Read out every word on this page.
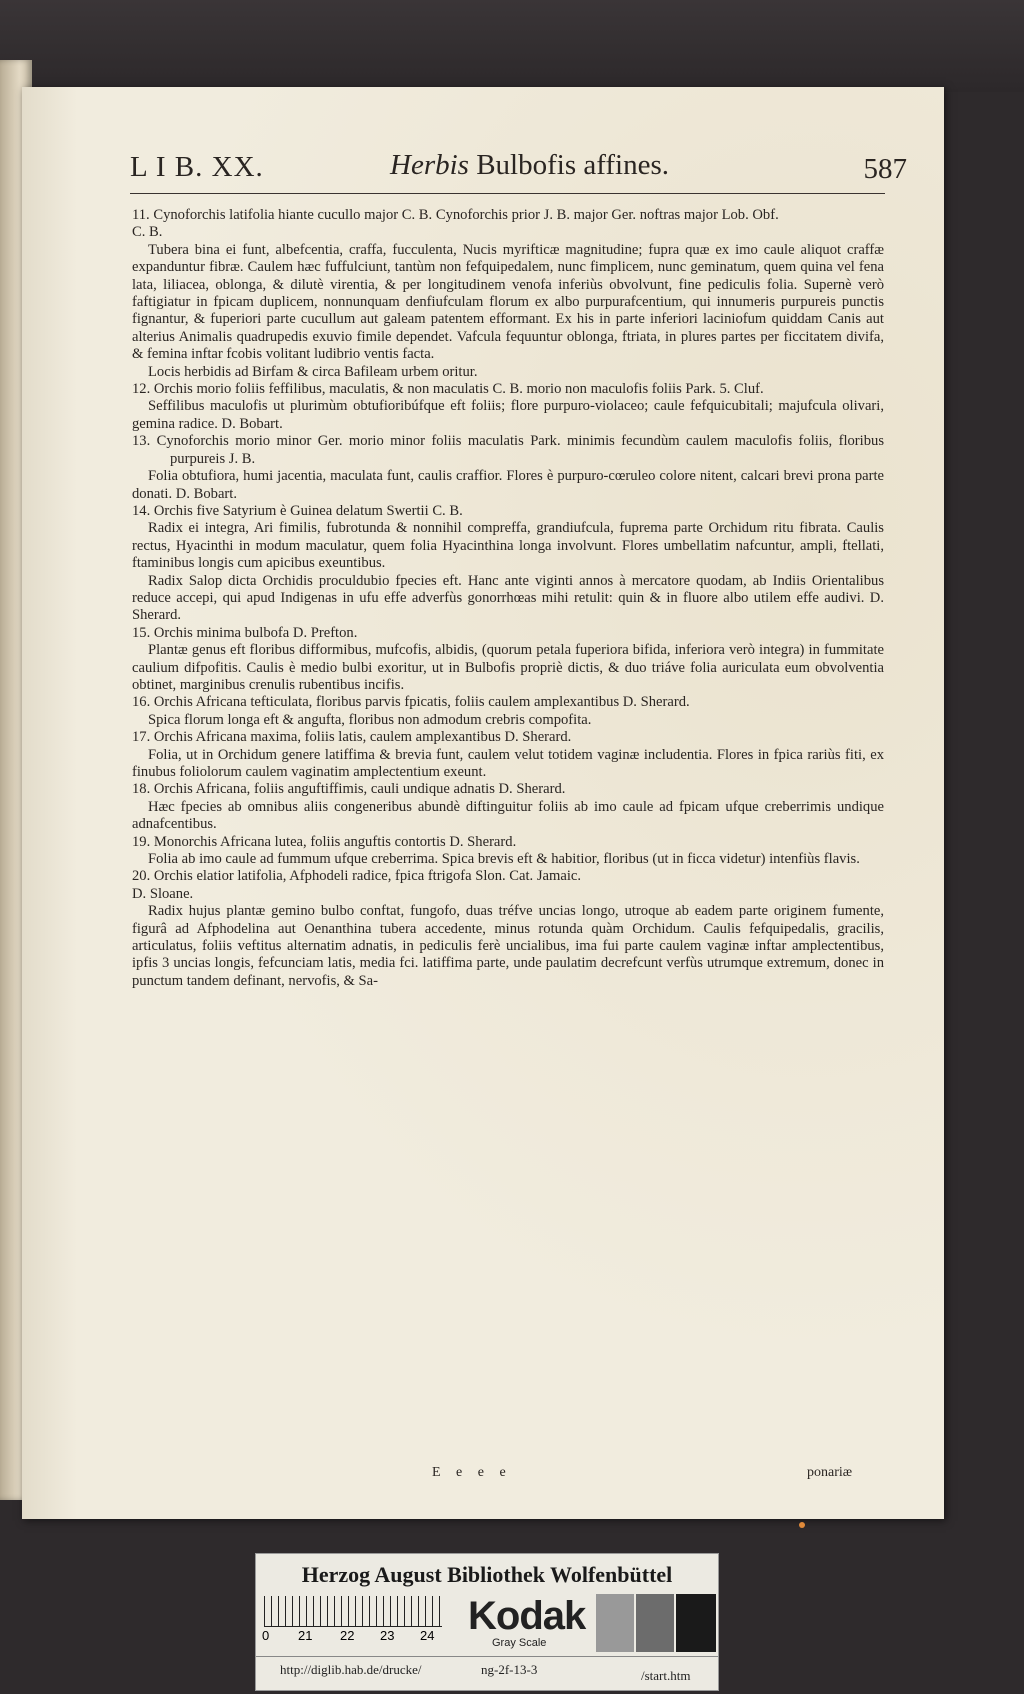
L I B. XX.	Herbis Bulbofis affines.	587

11. Cynoforchis latifolia hiante cucullo major C. B. Cynoforchis prior J. B. major Ger. noftras major Lob. Obf.

C. B.

Tubera bina ei funt, albefcentia, craffa, fucculenta, Nucis myrifticæ magnitudine; fupra quæ ex imo caule aliquot craffæ expanduntur fibræ. Caulem hæc fuffulciunt, tantùm non fefquipedalem, nunc fimplicem, nunc geminatum, quem quina vel fena lata, liliacea, oblonga, & dilutè virentia, & per longitudinem venofa inferiùs obvolvunt, fine pediculis folia. Supernè verò faftigiatur in fpicam duplicem, nonnunquam denfiufculam florum ex albo purpurafcentium, qui innumeris purpureis punctis fignantur, & fuperiori parte cucullum aut galeam patentem efformant. Ex his in parte inferiori laciniofum quiddam Canis aut alterius Animalis quadrupedis exuvio fimile dependet. Vafcula fequuntur oblonga, ftriata, in plures partes per ficcitatem divifa, & femina inftar fcobis volitant ludibrio ventis facta.

Locis herbidis ad Birfam & circa Bafileam urbem oritur.

12. Orchis morio foliis feffilibus, maculatis, & non maculatis C. B. morio non maculofis foliis Park. 5. Cluf.

Seffilibus maculofis ut plurimùm obtufioribúfque eft foliis; flore purpuro-violaceo; caule fefquicubitali; majufcula olivari, gemina radice. D. Bobart.

13. Cynoforchis morio minor Ger. morio minor foliis maculatis Park. minimis fecundùm caulem maculofis foliis, floribus purpureis J. B.

Folia obtufiora, humi jacentia, maculata funt, caulis craffior. Flores è purpuro-cœruleo colore nitent, calcari brevi prona parte donati. D. Bobart.

14. Orchis five Satyrium è Guinea delatum Swertii C. B.

Radix ei integra, Ari fimilis, fubrotunda & nonnihil compreffa, grandiufcula, fuprema parte Orchidum ritu fibrata. Caulis rectus, Hyacinthi in modum maculatur, quem folia Hyacinthina longa involvunt. Flores umbellatim nafcuntur, ampli, ftellati, ftaminibus longis cum apicibus exeuntibus.

Radix Salop dicta Orchidis proculdubio fpecies eft. Hanc ante viginti annos à mercatore quodam, ab Indiis Orientalibus reduce accepi, qui apud Indigenas in ufu effe adverfùs gonorrhœas mihi retulit: quin & in fluore albo utilem effe audivi. D. Sherard.

15. Orchis minima bulbofa D. Prefton.

Plantæ genus eft floribus difformibus, mufcofis, albidis, (quorum petala fuperiora bifida, inferiora verò integra) in fummitate caulium difpofitis. Caulis è medio bulbi exoritur, ut in Bulbofis propriè dictis, & duo triáve folia auriculata eum obvolventia obtinet, marginibus crenulis rubentibus incifis.

16. Orchis Africana tefticulata, floribus parvis fpicatis, foliis caulem amplexantibus D. Sherard.

Spica florum longa eft & angufta, floribus non admodum crebris compofita.

17. Orchis Africana maxima, foliis latis, caulem amplexantibus D. Sherard.

Folia, ut in Orchidum genere latiffima & brevia funt, caulem velut totidem vaginæ includentia. Flores in fpica rariùs fiti, ex finubus foliolorum caulem vaginatim amplectentium exeunt.

18. Orchis Africana, foliis anguftiffimis, cauli undique adnatis D. Sherard.

Hæc fpecies ab omnibus aliis congeneribus abundè diftinguitur foliis ab imo caule ad fpicam ufque creberrimis undique adnafcentibus.

19. Monorchis Africana lutea, foliis anguftis contortis D. Sherard.

Folia ab imo caule ad fummum ufque creberrima. Spica brevis eft & habitior, floribus (ut in ficca videtur) intenfiùs flavis.

20. Orchis elatior latifolia, Afphodeli radice, fpica ftrigofa Slon. Cat. Jamaic.

D. Sloane.

Radix hujus plantæ gemino bulbo conftat, fungofo, duas tréfve uncias longo, utroque ab eadem parte originem fumente, figurâ ad Afphodelina aut Oenanthina tubera accedente, minus rotunda quàm Orchidum. Caulis fefquipedalis, gracilis, articulatus, foliis veftitus alternatim adnatis, in pediculis ferè uncialibus, ima fui parte caulem vaginæ inftar amplectentibus, ipfis 3 uncias longis, fefcunciam latis, media fci. latiffima parte, unde paulatim decrefcunt verfùs utrumque extremum, donec in punctum tandem definant, nervofis, & Sa-

E e e e	ponariæ
Herzog August Bibliothek Wolfenbüttel
0 21 22 23 24 Kodak
Gray Scale
http://diglib.hab.de/drucke/	ng-2f-13-3	/start.htm
